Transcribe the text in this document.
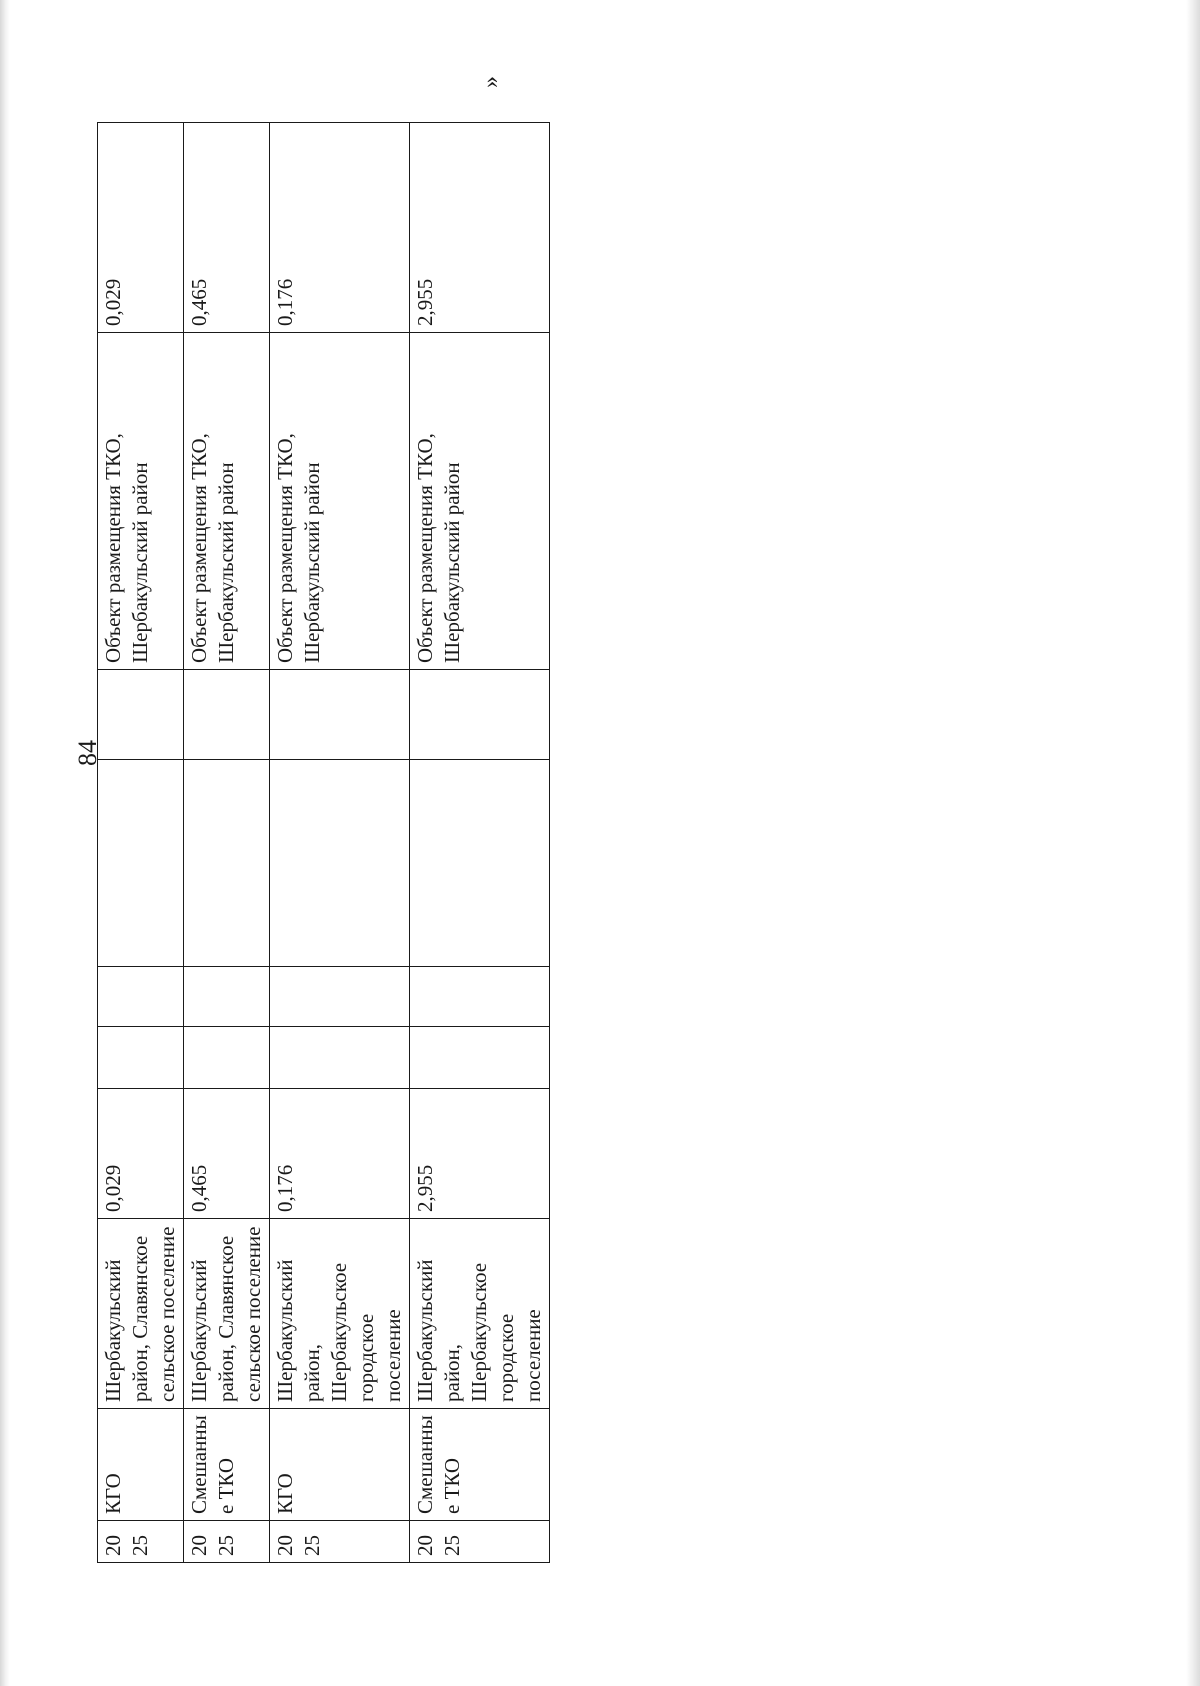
84
»
2025	КГО	Шербакульский район, Славянское сельское поселение	0,029					Объект размещения ТКО, Шербакульский район	0,029
2025	Смешанные ТКО	Шербакульский район, Славянское сельское поселение	0,465					Объект размещения ТКО, Шербакульский район	0,465
2025	КГО	Шербакульский район, Шербакульское городское поселение	0,176					Объект размещения ТКО, Шербакульский район	0,176
2025	Смешанные ТКО	Шербакульский район, Шербакульское городское поселение	2,955					Объект размещения ТКО, Шербакульский район	2,955
